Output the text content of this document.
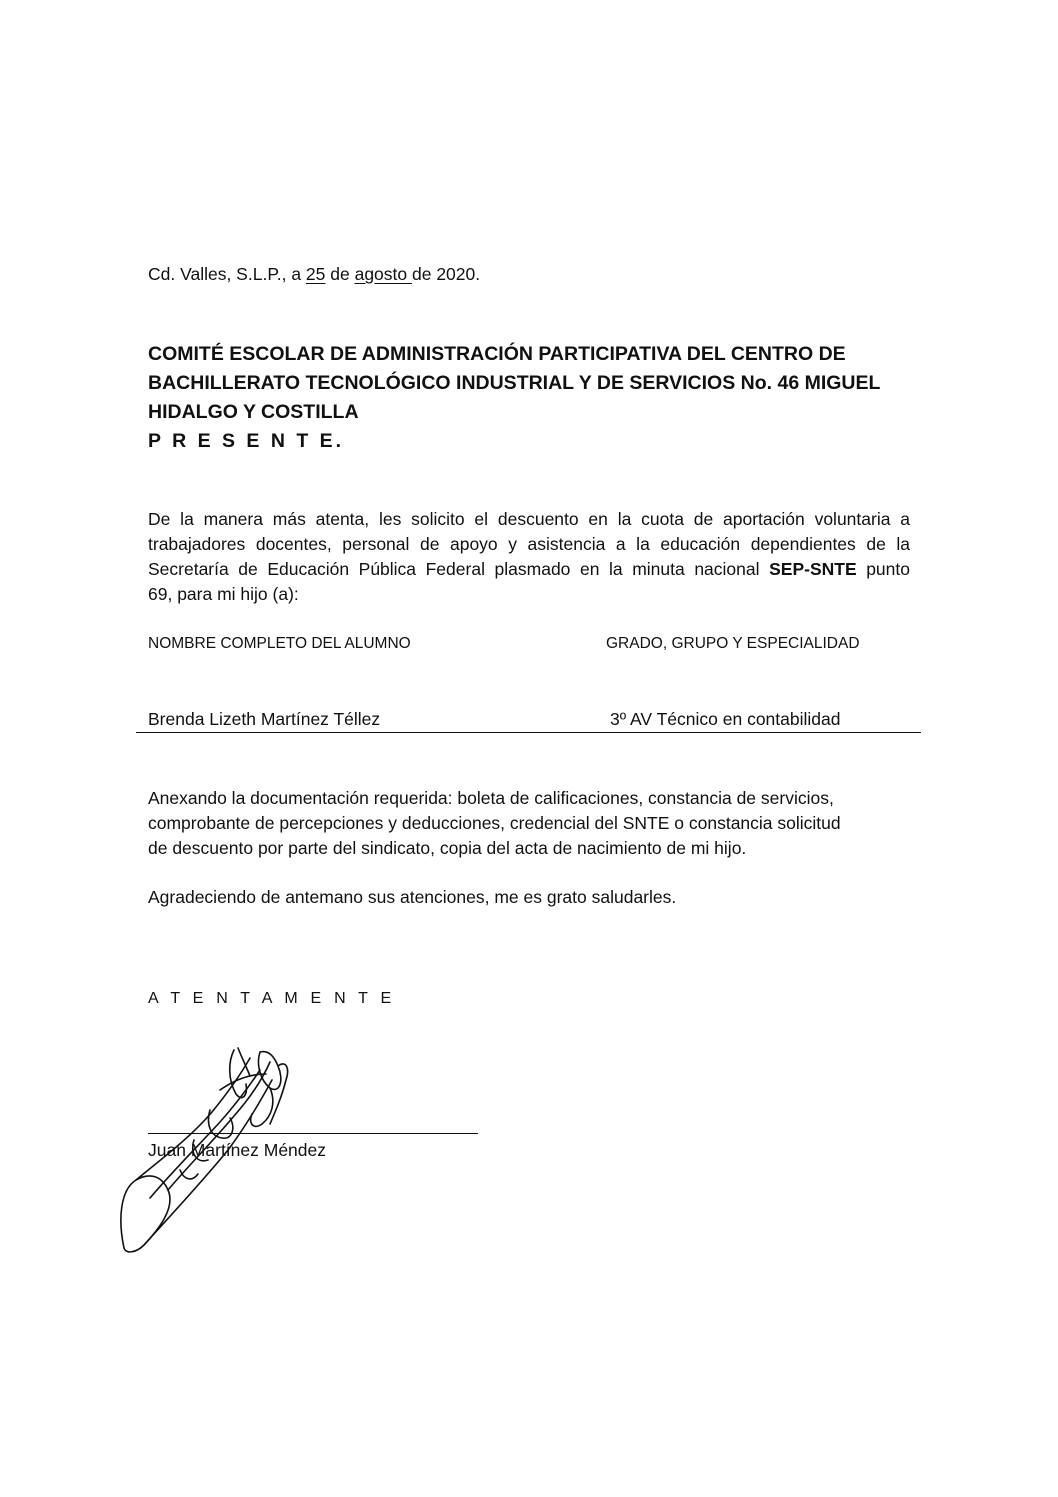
Cd. Valles, S.L.P., a 25 de agosto de 2020.
COMITÉ ESCOLAR DE ADMINISTRACIÓN PARTICIPATIVA DEL CENTRO DE
BACHILLERATO TECNOLÓGICO INDUSTRIAL Y DE SERVICIOS No. 46 MIGUEL
HIDALGO Y COSTILLA
P R E S E N T E.
De la manera más atenta, les solicito el descuento en la cuota de aportación voluntaria a
trabajadores docentes, personal de apoyo y asistencia a la educación dependientes de la
Secretaría de Educación Pública Federal plasmado en la minuta nacional SEP-SNTE punto
69, para mi hijo (a):
NOMBRE COMPLETO DEL ALUMNO	GRADO, GRUPO Y ESPECIALIDAD
Brenda Lizeth Martínez Téllez	3º AV Técnico en contabilidad
Anexando la documentación requerida: boleta de calificaciones, constancia de servicios,
comprobante de percepciones y deducciones, credencial del SNTE o constancia solicitud
de descuento por parte del sindicato, copia del acta de nacimiento de mi hijo.
Agradeciendo de antemano sus atenciones, me es grato saludarles.
A T E N T A M E N T E
Juan Martínez Méndez
